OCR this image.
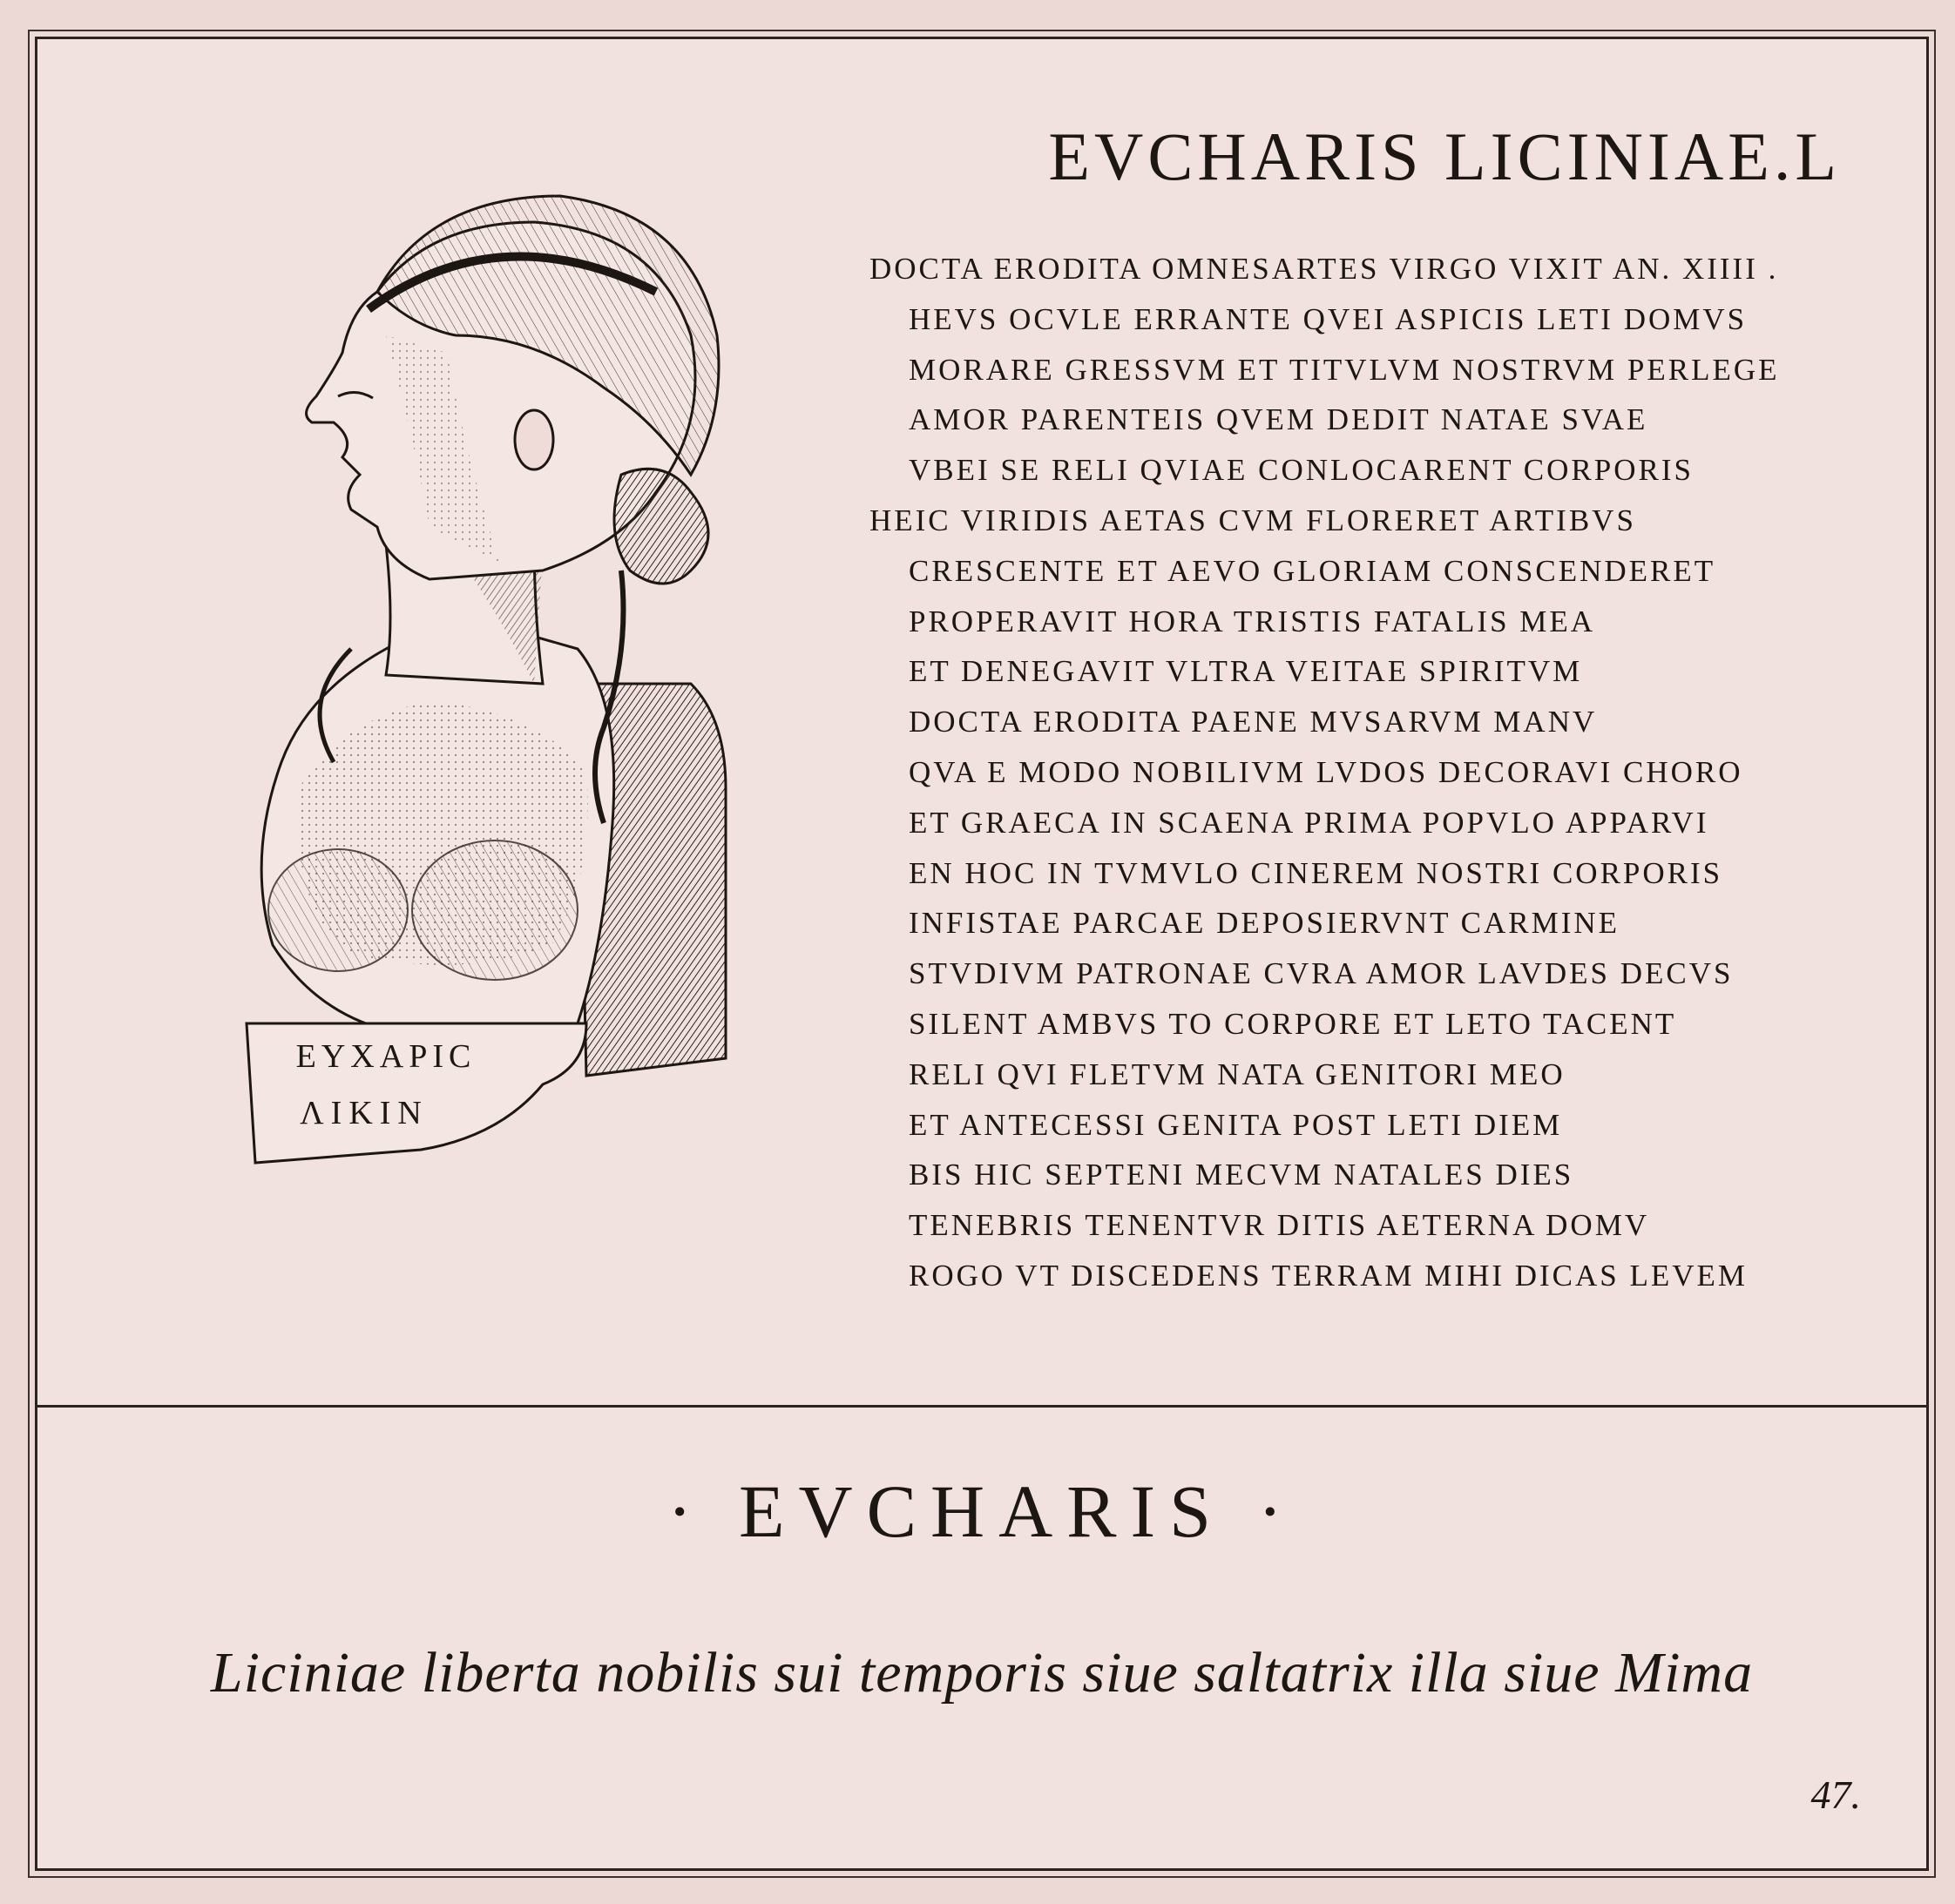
ΕΥΧΑΡΙC
ΛΙΚΙΝ
EVCHARIS LICINIAE.L
DOCTA ERODITA OMNESARTES VIRGO VIXIT AN. XIIII .
HEVS OCVLE ERRANTE QVEI ASPICIS LETI DOMVS
MORARE GRESSVM ET TITVLVM NOSTRVM PERLEGE
AMOR PARENTEIS QVEM DEDIT NATAE SVAE
VBEI SE RELI QVIAE CONLOCARENT CORPORIS
HEIC VIRIDIS AETAS CVM FLORERET ARTIBVS
CRESCENTE ET AEVO GLORIAM CONSCENDERET
PROPERAVIT HORA TRISTIS FATALIS MEA
ET DENEGAVIT VLTRA VEITAE SPIRITVM
DOCTA ERODITA PAENE MVSARVM MANV
QVA E MODO NOBILIVM LVDOS DECORAVI CHORO
ET GRAECA IN SCAENA PRIMA POPVLO APPARVI
EN HOC IN TVMVLO CINEREM NOSTRI CORPORIS
INFISTAE PARCAE DEPOSIERVNT CARMINE
STVDIVM PATRONAE CVRA AMOR LAVDES DECVS
SILENT AMBVS TO CORPORE ET LETO TACENT
RELI QVI FLETVM NATA GENITORI MEO
ET ANTECESSI GENITA POST LETI DIEM
BIS HIC SEPTENI MECVM NATALES DIES
TENEBRIS TENENTVR DITIS AETERNA DOMV
ROGO VT DISCEDENS TERRAM MIHI DICAS LEVEM
· EVCHARIS ·

Liciniae liberta nobilis sui temporis siue saltatrix illa siue Mima

47.
